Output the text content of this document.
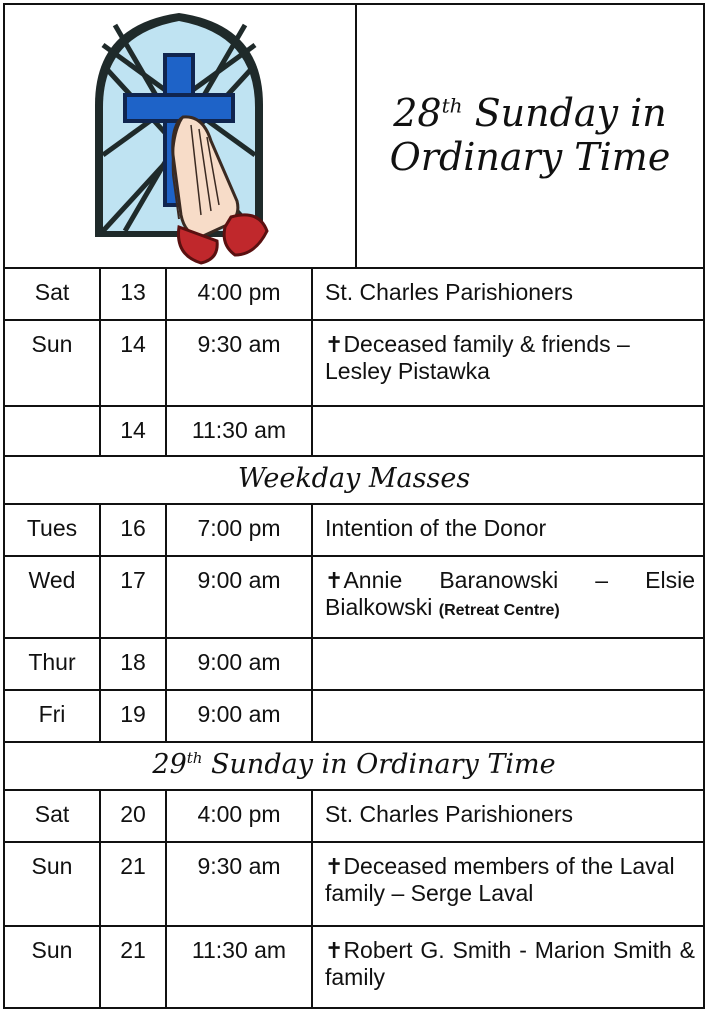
28th Sunday in
Ordinary Time
Sat	13	4:00 pm	St. Charles Parishioners
Sun	14	9:30 am	✝Deceased family & friends – Lesley Pistawka
	14	11:30 am	
Weekday Masses			
Tues	16	7:00 pm	Intention of the Donor
Wed	17	9:00 am	✝Annie Baranowski – Elsie Bialkowski (Retreat Centre)
Thur	18	9:00 am	
Fri	19	9:00 am	
29th Sunday in Ordinary Time			
Sat	20	4:00 pm	St. Charles Parishioners
Sun	21	9:30 am	✝Deceased members of the Laval family – Serge Laval
Sun	21	11:30 am	✝Robert G. Smith - Marion Smith & family
